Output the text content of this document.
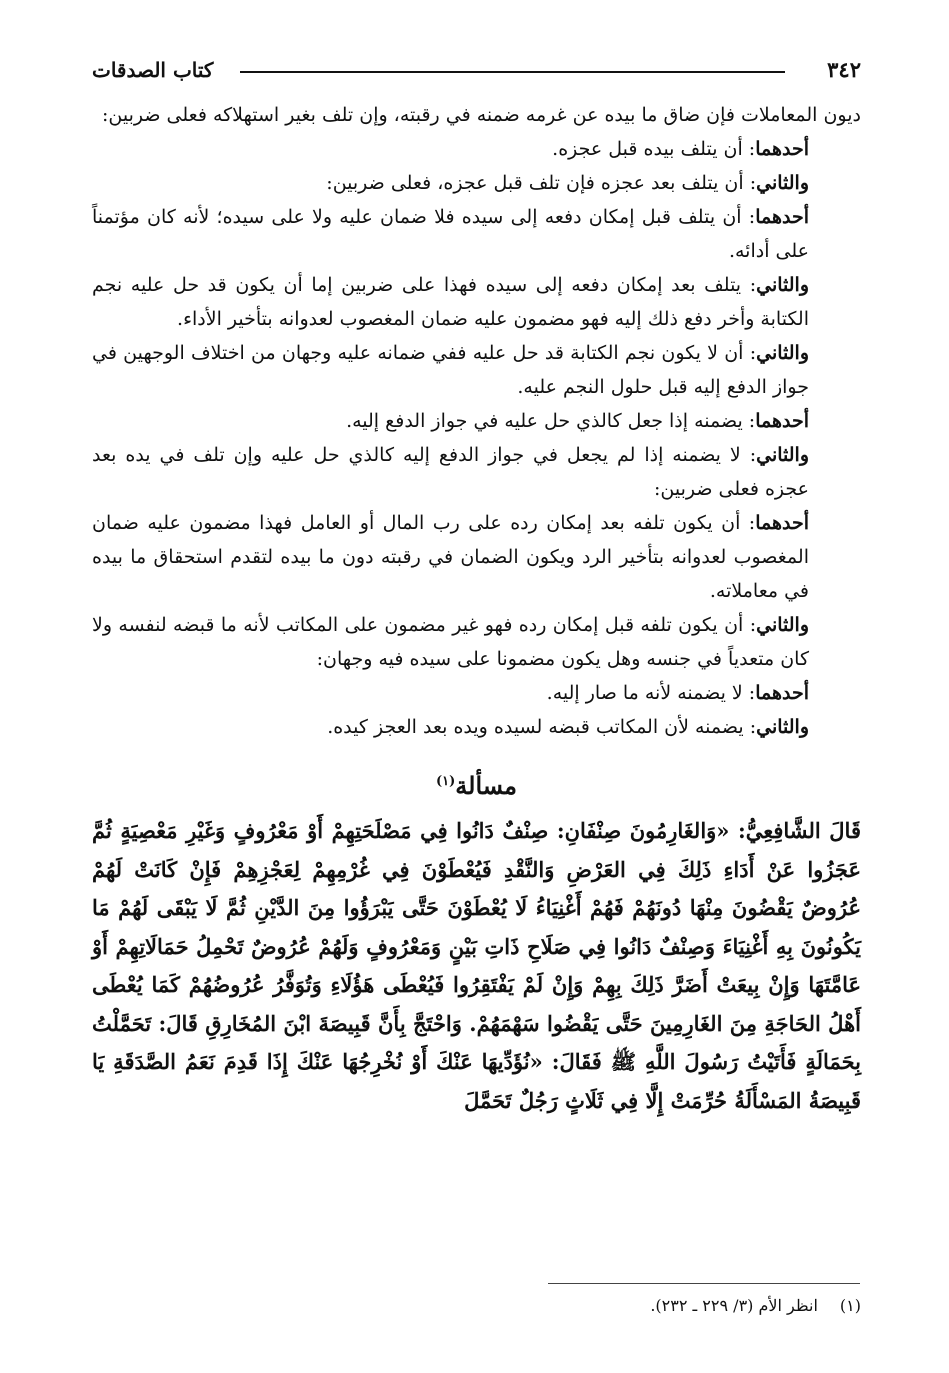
٣٤٢
كتاب الصدقات

ديون المعاملات فإن ضاق ما بيده عن غرمه ضمنه في رقبته، وإن تلف بغير استهلاكه فعلى ضربين:

أحدهما: أن يتلف بيده قبل عجزه.

والثاني: أن يتلف بعد عجزه فإن تلف قبل عجزه، فعلى ضربين:

أحدهما: أن يتلف قبل إمكان دفعه إلى سيده فلا ضمان عليه ولا على سيده؛ لأنه كان مؤتمناً على أدائه.

والثاني: يتلف بعد إمكان دفعه إلى سيده فهذا على ضربين إما أن يكون قد حل عليه نجم الكتابة وأخر دفع ذلك إليه فهو مضمون عليه ضمان المغصوب لعدوانه بتأخير الأداء.

والثاني: أن لا يكون نجم الكتابة قد حل عليه ففي ضمانه عليه وجهان من اختلاف الوجهين في جواز الدفع إليه قبل حلول النجم عليه.

أحدهما: يضمنه إذا جعل كالذي حل عليه في جواز الدفع إليه.

والثاني: لا يضمنه إذا لم يجعل في جواز الدفع إليه كالذي حل عليه وإن تلف في يده بعد عجزه فعلى ضربين:

أحدهما: أن يكون تلفه بعد إمكان رده على رب المال أو العامل فهذا مضمون عليه ضمان المغصوب لعدوانه بتأخير الرد ويكون الضمان في رقبته دون ما بيده لتقدم استحقاق ما بيده في معاملاته.

والثاني: أن يكون تلفه قبل إمكان رده فهو غير مضمون على المكاتب لأنه ما قبضه لنفسه ولا كان متعدياً في جنسه وهل يكون مضمونا على سيده فيه وجهان:

أحدهما: لا يضمنه لأنه ما صار إليه.

والثاني: يضمنه لأن المكاتب قبضه لسيده ويده بعد العجز كيده.

مسألة$^{(١)}$

قَالَ الشَّافِعِيُّ: «وَالغَارِمُونَ صِنْفَانِ: صِنْفٌ دَانُوا فِي مَصْلَحَتِهِمْ أَوْ مَعْرُوفٍ وَغَيْرِ مَعْصِيَةٍ ثُمَّ عَجَزُوا عَنْ أَدَاءِ ذَلِكَ فِي العَرْضِ وَالنَّقْدِ فَيُعْطَوْنَ فِي غُرْمِهِمْ لِعَجْزِهِمْ فَإِنْ كَانَتْ لَهُمْ عُرُوضٌ يَقْضُونَ مِنْهَا دُونَهُمْ فَهُمْ أَغْنِيَاءُ لَا يُعْطَوْنَ حَتَّى يَبْرَؤُوا مِنَ الدَّيْنِ ثُمَّ لَا يَبْقَى لَهُمْ مَا يَكُونُونَ بِهِ أَغْنِيَاءَ وَصِنْفٌ دَانُوا فِي صَلَاحِ ذَاتِ بَيْنٍ وَمَعْرُوفٍ وَلَهُمْ عُرُوضٌ تَحْمِلُ حَمَالَاتِهِمْ أَوْ عَامَّتَهَا وَإِنْ بِيعَتْ أَضَرَّ ذَلِكَ بِهِمْ وَإِنْ لَمْ يَفْتَقِرُوا فَيُعْطَى هَؤُلَاءِ وَتُوَفَّرُ عُرُوضُهُمْ كَمَا يُعْطَى أَهْلُ الحَاجَةِ مِنَ الغَارِمِينَ حَتَّى يَقْضُوا سَهْمَهُمْ. وَاحْتَجَّ بِأَنَّ قَبِيصَةَ ابْنَ المُخَارِقِ قَالَ: تَحَمَّلْتُ بِحَمَالَةٍ فَأَتَيْتُ رَسُولَ اللَّهِ ﷺ فَقَالَ: «نُؤَدِّيهَا عَنْكَ أَوْ نُخْرِجُهَا عَنْكَ إِذَا قَدِمَ نَعَمُ الصَّدَقَةِ يَا قَبِيصَةُ المَسْأَلَةُ حُرِّمَتْ إِلَّا فِي ثَلَاثٍ رَجُلٌ تَحَمَّلَ

(١)انظر الأم (٣/ ٢٢٩ ـ ٢٣٢).
